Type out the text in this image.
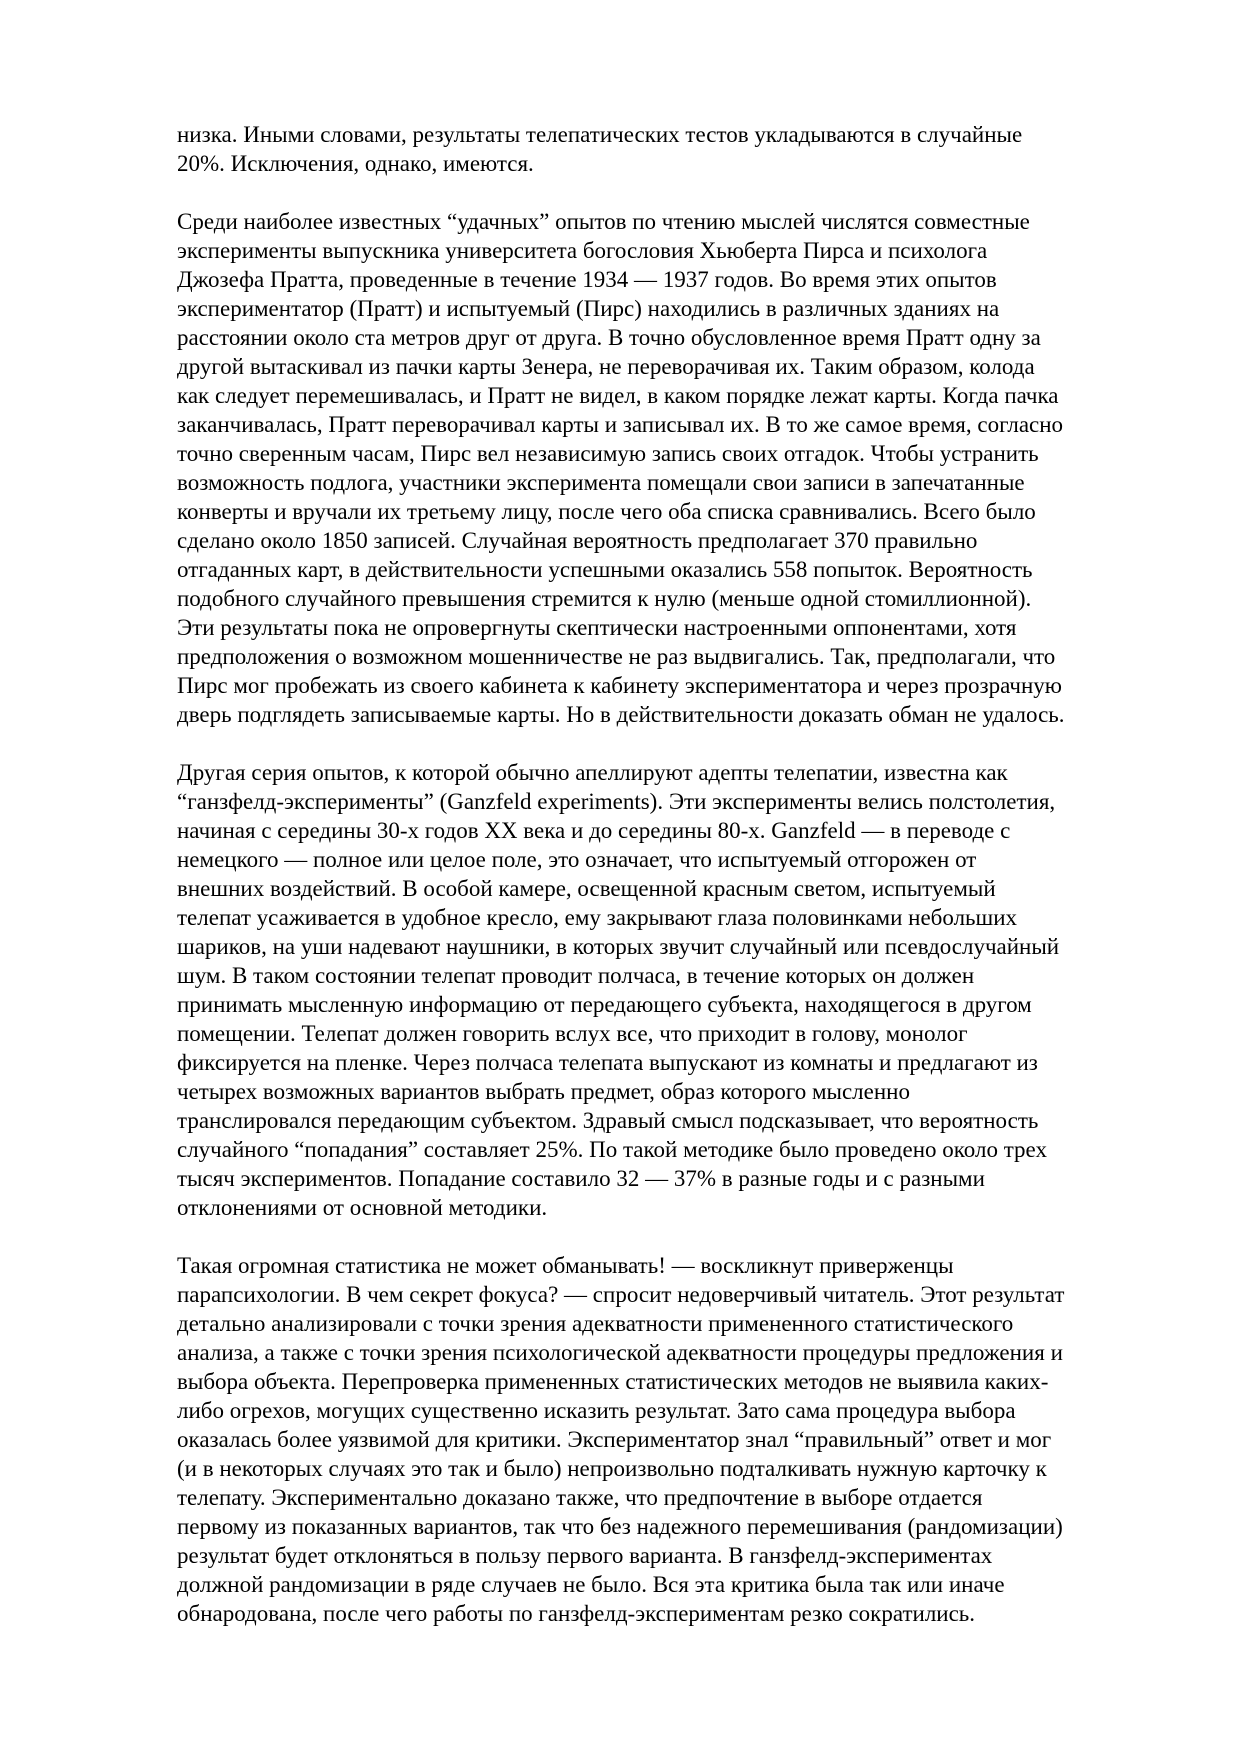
низка. Иными словами, результаты телепатических тестов укладываются в случайные
20%. Исключения, однако, имеются.

Среди наиболее известных “удачных” опытов по чтению мыслей числятся совместные
эксперименты выпускника университета богословия Хьюберта Пирса и психолога
Джозефа Пратта, проведенные в течение 1934 — 1937 годов. Во время этих опытов
экспериментатор (Пратт) и испытуемый (Пирс) находились в различных зданиях на
расстоянии около ста метров друг от друга. В точно обусловленное время Пратт одну за
другой вытаскивал из пачки карты Зенера, не переворачивая их. Таким образом, колода
как следует перемешивалась, и Пратт не видел, в каком порядке лежат карты. Когда пачка
заканчивалась, Пратт переворачивал карты и записывал их. В то же самое время, согласно
точно сверенным часам, Пирс вел независимую запись своих отгадок. Чтобы устранить
возможность подлога, участники эксперимента помещали свои записи в запечатанные
конверты и вручали их третьему лицу, после чего оба списка сравнивались. Всего было
сделано около 1850 записей. Случайная вероятность предполагает 370 правильно
отгаданных карт, в действительности успешными оказались 558 попыток. Вероятность
подобного случайного превышения стремится к нулю (меньше одной стомиллионной).
Эти результаты пока не опровергнуты скептически настроенными оппонентами, хотя
предположения о возможном мошенничестве не раз выдвигались. Так, предполагали, что
Пирс мог пробежать из своего кабинета к кабинету экспериментатора и через прозрачную
дверь подглядеть записываемые карты. Но в действительности доказать обман не удалось.

Другая серия опытов, к которой обычно апеллируют адепты телепатии, известна как
“ганзфелд-эксперименты” (Ganzfeld experiments). Эти эксперименты велись полстолетия,
начиная с середины 30-х годов XX века и до середины 80-х. Ganzfeld — в переводе с
немецкого — полное или целое поле, это означает, что испытуемый отгорожен от
внешних воздействий. В особой камере, освещенной красным светом, испытуемый
телепат усаживается в удобное кресло, ему закрывают глаза половинками небольших
шариков, на уши надевают наушники, в которых звучит случайный или псевдослучайный
шум. В таком состоянии телепат проводит полчаса, в течение которых он должен
принимать мысленную информацию от передающего субъекта, находящегося в другом
помещении. Телепат должен говорить вслух все, что приходит в голову, монолог
фиксируется на пленке. Через полчаса телепата выпускают из комнаты и предлагают из
четырех возможных вариантов выбрать предмет, образ которого мысленно
транслировался передающим субъектом. Здравый смысл подсказывает, что вероятность
случайного “попадания” составляет 25%. По такой методике было проведено около трех
тысяч экспериментов. Попадание составило 32 — 37% в разные годы и с разными
отклонениями от основной методики.

Такая огромная статистика не может обманывать! — воскликнут приверженцы
парапсихологии. В чем секрет фокуса? — спросит недоверчивый читатель. Этот результат
детально анализировали с точки зрения адекватности примененного статистического
анализа, а также с точки зрения психологической адекватности процедуры предложения и
выбора объекта. Перепроверка примененных статистических методов не выявила каких-
либо огрехов, могущих существенно исказить результат. Зато сама процедура выбора
оказалась более уязвимой для критики. Экспериментатор знал “правильный” ответ и мог
(и в некоторых случаях это так и было) непроизвольно подталкивать нужную карточку к
телепату. Экспериментально доказано также, что предпочтение в выборе отдается
первому из показанных вариантов, так что без надежного перемешивания (рандомизации)
результат будет отклоняться в пользу первого варианта. В ганзфелд-экспериментах
должной рандомизации в ряде случаев не было. Вся эта критика была так или иначе
обнародована, после чего работы по ганзфелд-экспериментам резко сократились.
